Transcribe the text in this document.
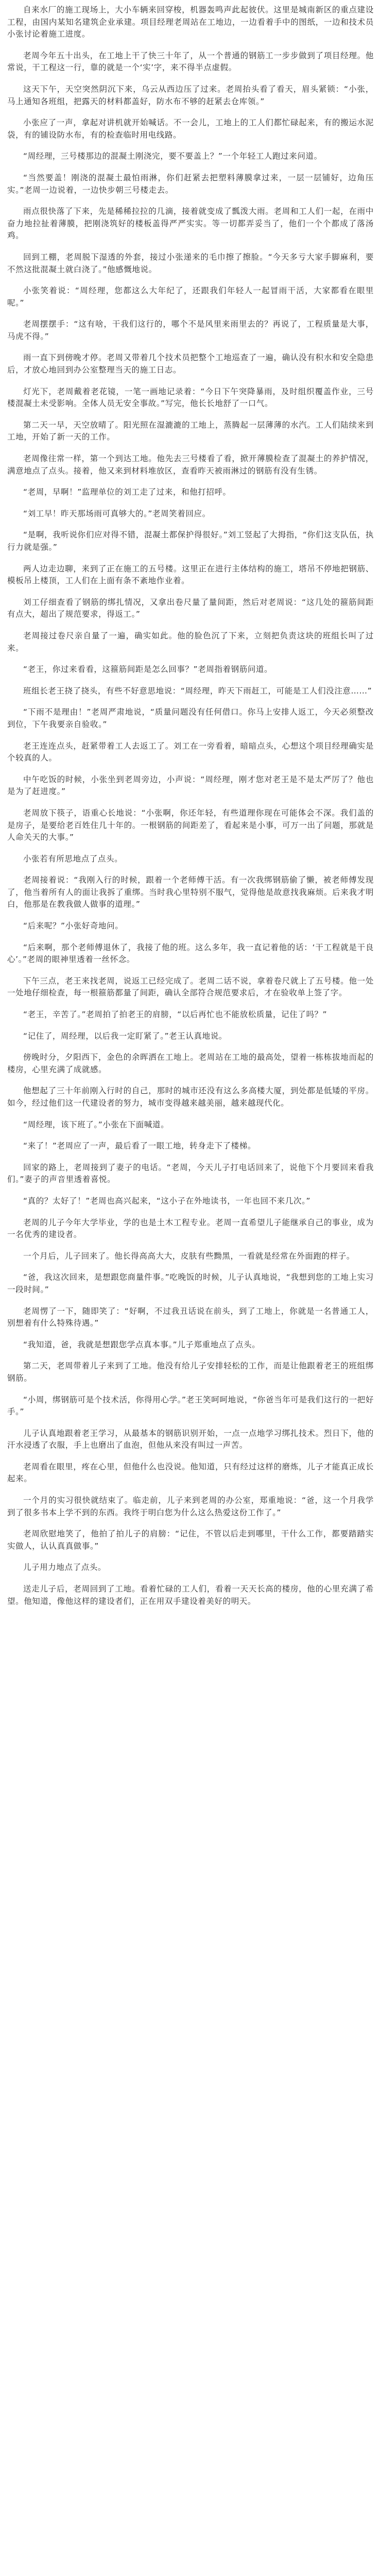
自来水厂的施工现场上，大小车辆来回穿梭，机器轰鸣声此起彼伏。这里是城南新区的重点建设工程，由国内某知名建筑企业承建。项目经理老周站在工地边，一边看着手中的图纸，一边和技术员小张讨论着施工进度。

老周今年五十出头，在工地上干了快三十年了，从一个普通的钢筋工一步步做到了项目经理。他常说，干工程这一行，靠的就是一个‘实’字，来不得半点虚假。

这天下午，天空突然阴沉下来，乌云从西边压了过来。老周抬头看了看天，眉头紧锁：“小张，马上通知各班组，把露天的材料都盖好，防水布不够的赶紧去仓库领。”

小张应了一声，拿起对讲机就开始喊话。不一会儿，工地上的工人们都忙碌起来，有的搬运水泥袋，有的铺设防水布，有的检查临时用电线路。

“周经理，三号楼那边的混凝土刚浇完，要不要盖上？”一个年轻工人跑过来问道。

“当然要盖！刚浇的混凝土最怕雨淋，你们赶紧去把塑料薄膜拿过来，一层一层铺好，边角压实。”老周一边说着，一边快步朝三号楼走去。

雨点很快落了下来，先是稀稀拉拉的几滴，接着就变成了瓢泼大雨。老周和工人们一起，在雨中奋力地拉扯着薄膜，把刚浇筑好的楼板盖得严严实实。等一切都弄妥当了，他们一个个都成了落汤鸡。

回到工棚，老周脱下湿透的外套，接过小张递来的毛巾擦了擦脸。“今天多亏大家手脚麻利，要不然这批混凝土就白浇了。”他感慨地说。

小张笑着说：“周经理，您都这么大年纪了，还跟我们年轻人一起冒雨干活，大家都看在眼里呢。”

老周摆摆手：“这有啥，干我们这行的，哪个不是风里来雨里去的？再说了，工程质量是大事，马虎不得。”

雨一直下到傍晚才停。老周又带着几个技术员把整个工地巡查了一遍，确认没有积水和安全隐患后，才放心地回到办公室整理当天的施工日志。

灯光下，老周戴着老花镜，一笔一画地记录着：“今日下午突降暴雨，及时组织覆盖作业，三号楼混凝土未受影响。全体人员无安全事故。”写完，他长长地舒了一口气。

第二天一早，天空放晴了。阳光照在湿漉漉的工地上，蒸腾起一层薄薄的水汽。工人们陆续来到工地，开始了新一天的工作。

老周像往常一样，第一个到达工地。他先去三号楼看了看，掀开薄膜检查了混凝土的养护情况，满意地点了点头。接着，他又来到材料堆放区，查看昨天被雨淋过的钢筋有没有生锈。

“老周，早啊！”监理单位的刘工走了过来，和他打招呼。

“刘工早！昨天那场雨可真够大的。”老周笑着回应。

“是啊，我听说你们应对得不错，混凝土都保护得很好。”刘工竖起了大拇指，“你们这支队伍，执行力就是强。”

两人边走边聊，来到了正在施工的五号楼。这里正在进行主体结构的施工，塔吊不停地把钢筋、模板吊上楼顶，工人们在上面有条不紊地作业着。

刘工仔细查看了钢筋的绑扎情况，又拿出卷尺量了量间距，然后对老周说：“这几处的箍筋间距有点大，超出了规范要求，得返工。”

老周接过卷尺亲自量了一遍，确实如此。他的脸色沉了下来，立刻把负责这块的班组长叫了过来。

“老王，你过来看看，这箍筋间距是怎么回事？”老周指着钢筋问道。

班组长老王挠了挠头，有些不好意思地说：“周经理，昨天下雨赶工，可能是工人们没注意……”

“下雨不是理由！”老周严肃地说，“质量问题没有任何借口。你马上安排人返工，今天必须整改到位，下午我要亲自验收。”

老王连连点头，赶紧带着工人去返工了。刘工在一旁看着，暗暗点头，心想这个项目经理确实是个较真的人。

中午吃饭的时候，小张坐到老周旁边，小声说：“周经理，刚才您对老王是不是太严厉了？他也是为了赶进度。”

老周放下筷子，语重心长地说：“小张啊，你还年轻，有些道理你现在可能体会不深。我们盖的是房子，是要给老百姓住几十年的。一根钢筋的间距差了，看起来是小事，可万一出了问题，那就是人命关天的大事。”

小张若有所思地点了点头。

老周接着说：“我刚入行的时候，跟着一个老师傅干活。有一次我绑钢筋偷了懒，被老师傅发现了，他当着所有人的面让我拆了重绑。当时我心里特别不服气，觉得他是故意找我麻烦。后来我才明白，他那是在教我做人做事的道理。”

“后来呢？”小张好奇地问。

“后来啊，那个老师傅退休了，我接了他的班。这么多年，我一直记着他的话：‘干工程就是干良心’。”老周的眼神里透着一丝怀念。

下午三点，老王来找老周，说返工已经完成了。老周二话不说，拿着卷尺就上了五号楼。他一处一处地仔细检查，每一根箍筋都量了间距，确认全部符合规范要求后，才在验收单上签了字。

“老王，辛苦了。”老周拍了拍老王的肩膀，“以后再忙也不能放松质量，记住了吗？”

“记住了，周经理，以后我一定盯紧了。”老王认真地说。

傍晚时分，夕阳西下，金色的余晖洒在工地上。老周站在工地的最高处，望着一栋栋拔地而起的楼房，心里充满了成就感。

他想起了三十年前刚入行时的自己，那时的城市还没有这么多高楼大厦，到处都是低矮的平房。如今，经过他们这一代建设者的努力，城市变得越来越美丽，越来越现代化。

“周经理，该下班了。”小张在下面喊道。

“来了！”老周应了一声，最后看了一眼工地，转身走下了楼梯。

回家的路上，老周接到了妻子的电话。“老周，今天儿子打电话回来了，说他下个月要回来看我们。”妻子的声音里透着喜悦。

“真的？太好了！”老周也高兴起来，“这小子在外地读书，一年也回不来几次。”

老周的儿子今年大学毕业，学的也是土木工程专业。老周一直希望儿子能继承自己的事业，成为一名优秀的建设者。

一个月后，儿子回来了。他长得高高大大，皮肤有些黝黑，一看就是经常在外面跑的样子。

“爸，我这次回来，是想跟您商量件事。”吃晚饭的时候，儿子认真地说，“我想到您的工地上实习一段时间。”

老周愣了一下，随即笑了：“好啊，不过我丑话说在前头，到了工地上，你就是一名普通工人，别想着有什么特殊待遇。”

“我知道，爸，我就是想跟您学点真本事。”儿子郑重地点了点头。

第二天，老周带着儿子来到了工地。他没有给儿子安排轻松的工作，而是让他跟着老王的班组绑钢筋。

“小周，绑钢筋可是个技术活，你得用心学。”老王笑呵呵地说，“你爸当年可是我们这行的一把好手。”

儿子认真地跟着老王学习，从最基本的钢筋识别开始，一点一点地学习绑扎技术。烈日下，他的汗水浸透了衣服，手上也磨出了血泡，但他从来没有叫过一声苦。

老周看在眼里，疼在心里，但他什么也没说。他知道，只有经过这样的磨炼，儿子才能真正成长起来。

一个月的实习很快就结束了。临走前，儿子来到老周的办公室，郑重地说：“爸，这一个月我学到了很多书本上学不到的东西。我终于明白您为什么这么热爱这份工作了。”

老周欣慰地笑了，他拍了拍儿子的肩膀：“记住，不管以后走到哪里，干什么工作，都要踏踏实实做人，认认真真做事。”

儿子用力地点了点头。

送走儿子后，老周回到了工地。看着忙碌的工人们，看着一天天长高的楼房，他的心里充满了希望。他知道，像他这样的建设者们，正在用双手建设着美好的明天。
